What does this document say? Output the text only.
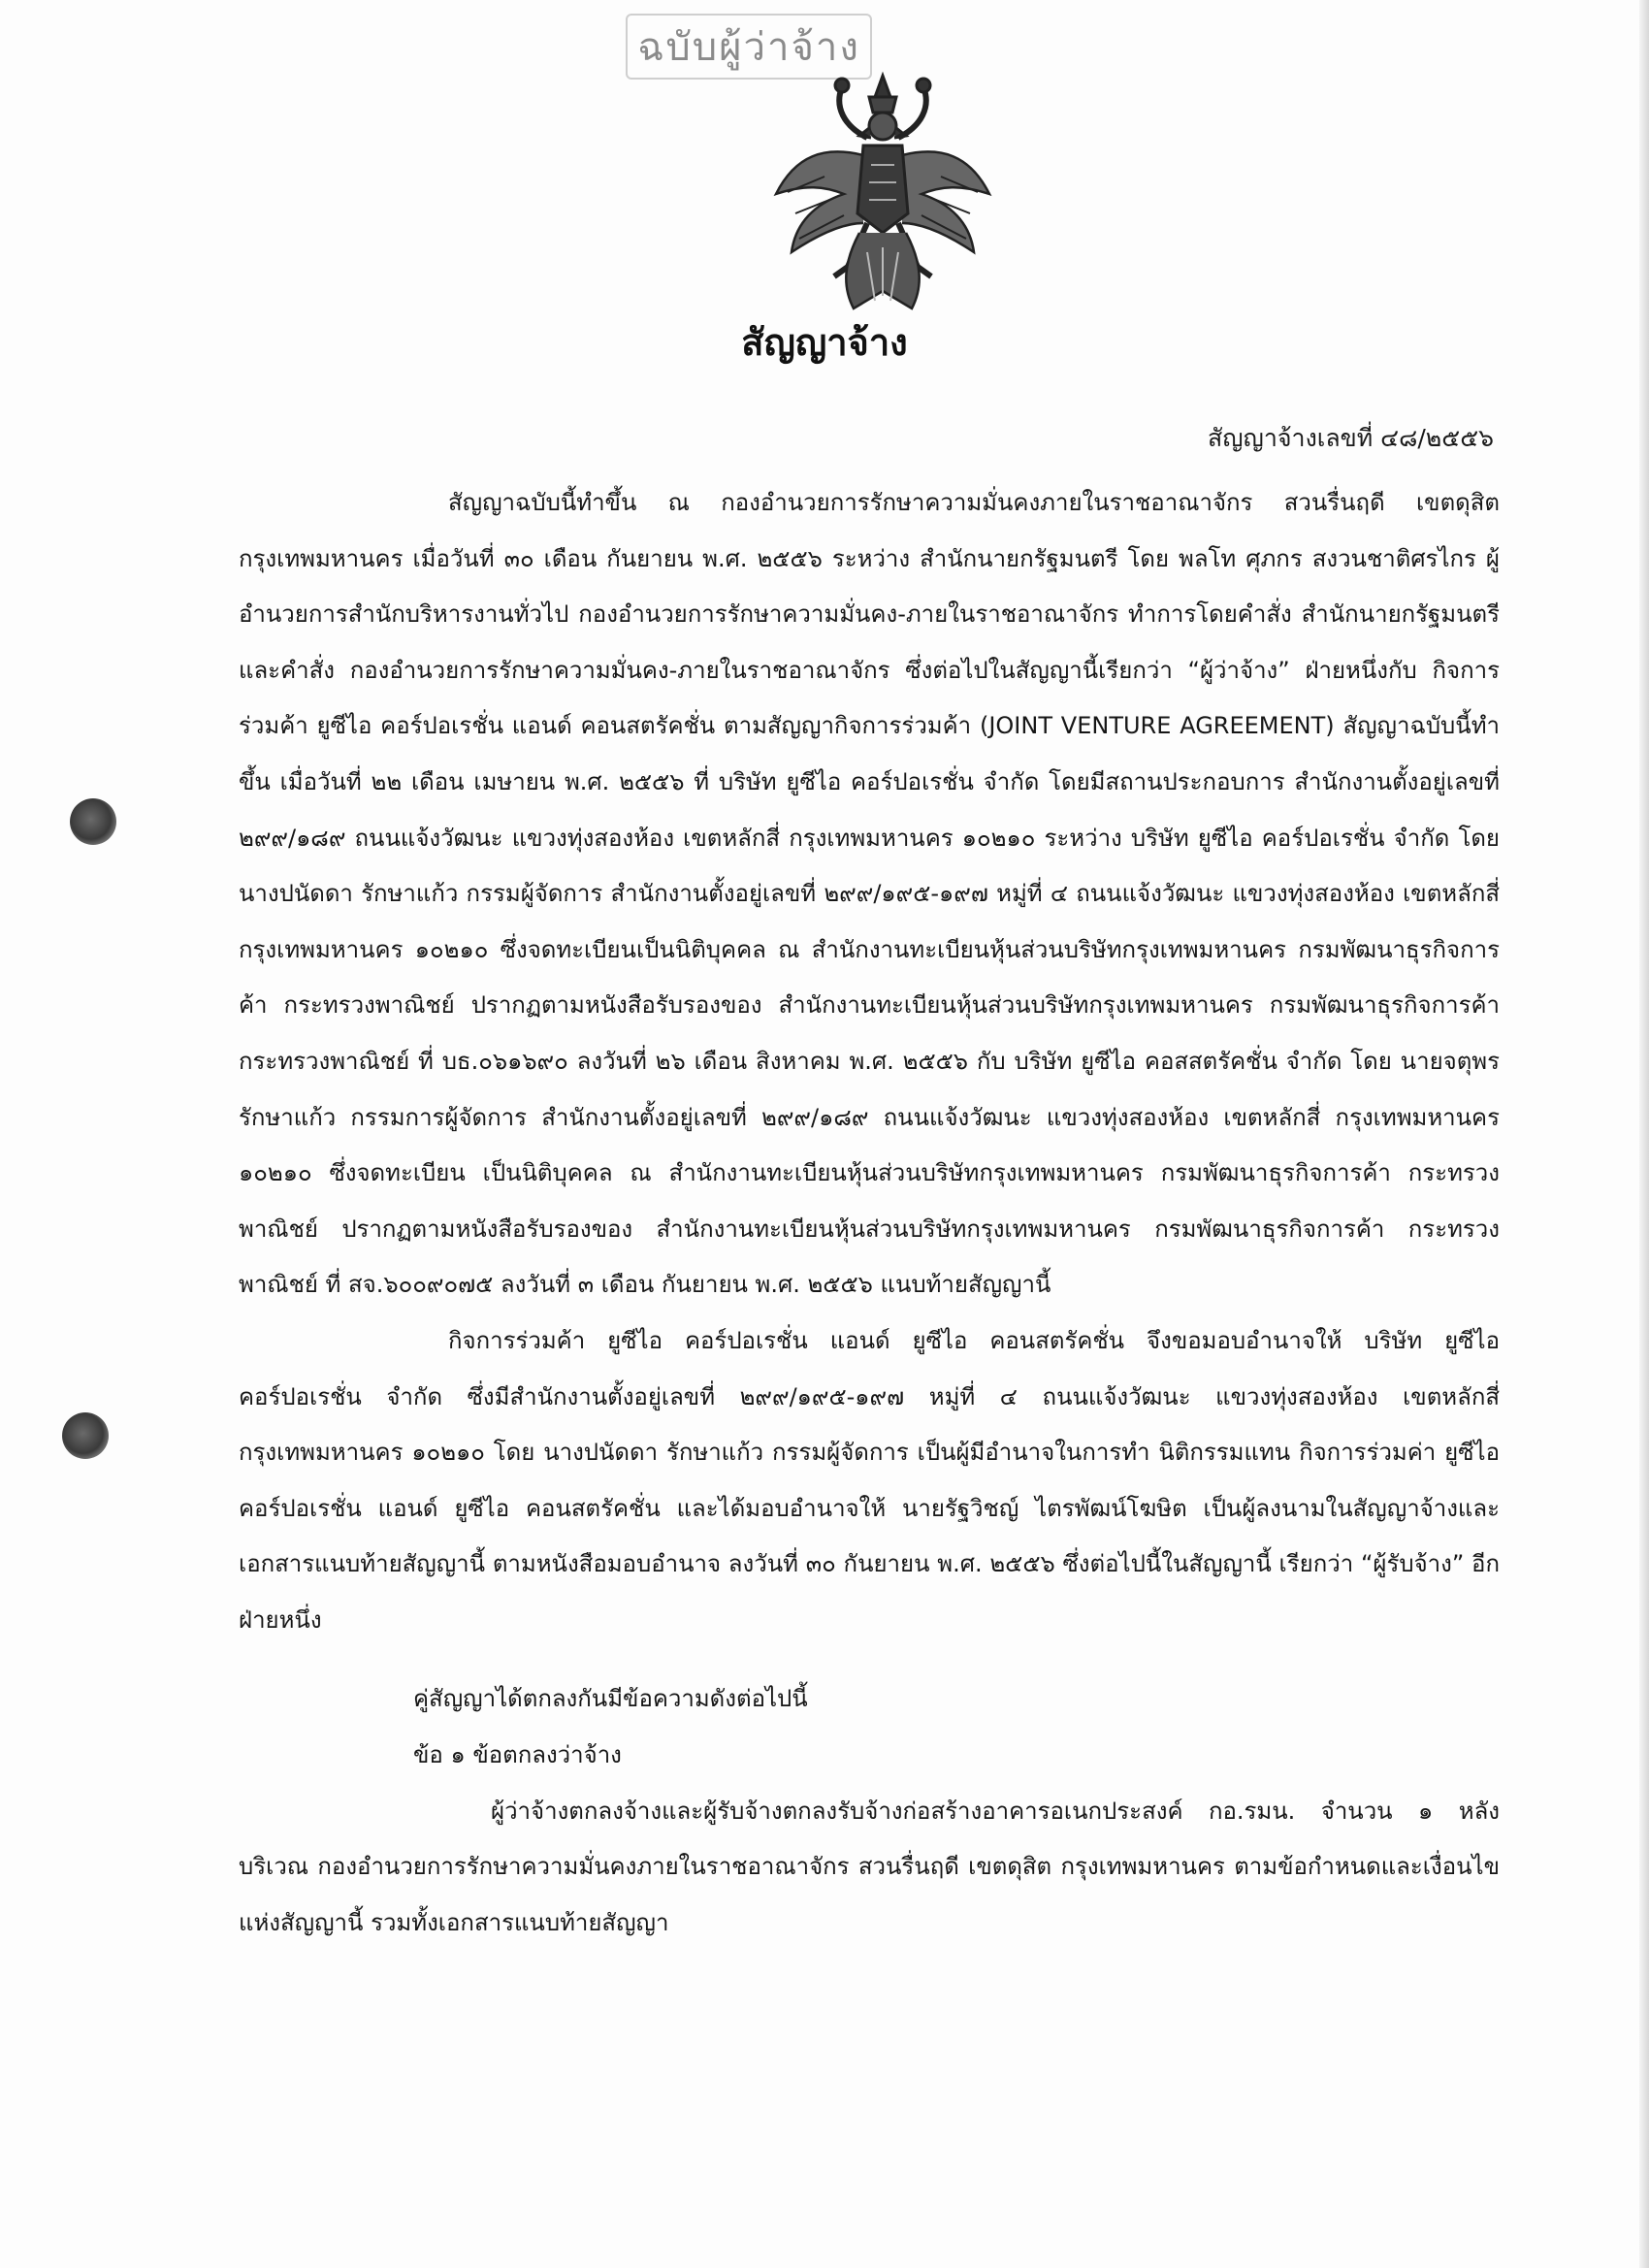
ฉบับผู้ว่าจ้าง
สัญญาจ้าง
สัญญาจ้างเลขที่ ๔๘/๒๕๕๖

สัญญาฉบับนี้ทำขึ้น ณ กองอำนวยการรักษาความมั่นคงภายในราชอาณาจักร สวนรื่นฤดี เขตดุสิต กรุงเทพมหานคร เมื่อวันที่ ๓๐ เดือน กันยายน พ.ศ. ๒๕๕๖ ระหว่าง สำนักนายกรัฐมนตรี โดย พลโท ศุภกร สงวนชาติศรไกร ผู้อำนวยการสำนักบริหารงานทั่วไป กองอำนวยการรักษาความมั่นคง-ภายในราชอาณาจักร ทำการโดยคำสั่ง สำนักนายกรัฐมนตรี และคำสั่ง กองอำนวยการรักษาความมั่นคง-ภายในราชอาณาจักร ซึ่งต่อไปในสัญญานี้เรียกว่า “ผู้ว่าจ้าง” ฝ่ายหนึ่งกับ กิจการร่วมค้า ยูซีไอ คอร์ปอเรชั่น แอนด์ คอนสตรัคชั่น ตามสัญญากิจการร่วมค้า (JOINT VENTURE AGREEMENT) สัญญาฉบับนี้ทำขึ้น เมื่อวันที่ ๒๒ เดือน เมษายน พ.ศ. ๒๕๕๖ ที่ บริษัท ยูซีไอ คอร์ปอเรชั่น จำกัด โดยมีสถานประกอบการ สำนักงานตั้งอยู่เลขที่ ๒๙๙/๑๘๙ ถนนแจ้งวัฒนะ แขวงทุ่งสองห้อง เขตหลักสี่ กรุงเทพมหานคร ๑๐๒๑๐ ระหว่าง บริษัท ยูซีไอ คอร์ปอเรชั่น จำกัด โดย นางปนัดดา รักษาแก้ว กรรมผู้จัดการ สำนักงานตั้งอยู่เลขที่ ๒๙๙/๑๙๕-๑๙๗ หมู่ที่ ๔ ถนนแจ้งวัฒนะ แขวงทุ่งสองห้อง เขตหลักสี่ กรุงเทพมหานคร ๑๐๒๑๐ ซึ่งจดทะเบียนเป็นนิติบุคคล ณ สำนักงานทะเบียนหุ้นส่วนบริษัทกรุงเทพมหานคร กรมพัฒนาธุรกิจการค้า กระทรวงพาณิชย์ ปรากฏตามหนังสือรับรองของ สำนักงานทะเบียนหุ้นส่วนบริษัทกรุงเทพมหานคร กรมพัฒนาธุรกิจการค้า กระทรวงพาณิชย์ ที่ บธ.๐๖๑๖๙๐ ลงวันที่ ๒๖ เดือน สิงหาคม พ.ศ. ๒๕๕๖ กับ บริษัท ยูซีไอ คอสสตรัคชั่น จำกัด โดย นายจตุพร รักษาแก้ว กรรมการผู้จัดการ สำนักงานตั้งอยู่เลขที่ ๒๙๙/๑๘๙ ถนนแจ้งวัฒนะ แขวงทุ่งสองห้อง เขตหลักสี่ กรุงเทพมหานคร ๑๐๒๑๐ ซึ่งจดทะเบียน เป็นนิติบุคคล ณ สำนักงานทะเบียนหุ้นส่วนบริษัทกรุงเทพมหานคร กรมพัฒนาธุรกิจการค้า กระทรวงพาณิชย์ ปรากฏตามหนังสือรับรองของ สำนักงานทะเบียนหุ้นส่วนบริษัทกรุงเทพมหานคร กรมพัฒนาธุรกิจการค้า กระทรวงพาณิชย์ ที่ สจ.๖๐๐๙๐๗๕ ลงวันที่ ๓ เดือน กันยายน พ.ศ. ๒๕๕๖ แนบท้ายสัญญานี้

กิจการร่วมค้า ยูซีไอ คอร์ปอเรชั่น แอนด์ ยูซีไอ คอนสตรัคชั่น จึงขอมอบอำนาจให้ บริษัท ยูซีไอ คอร์ปอเรชั่น จำกัด ซึ่งมีสำนักงานตั้งอยู่เลขที่ ๒๙๙/๑๙๕-๑๙๗ หมู่ที่ ๔ ถนนแจ้งวัฒนะ แขวงทุ่งสองห้อง เขตหลักสี่ กรุงเทพมหานคร ๑๐๒๑๐ โดย นางปนัดดา รักษาแก้ว กรรมผู้จัดการ เป็นผู้มีอำนาจในการทำ นิติกรรมแทน กิจการร่วมค่า ยูซีไอ คอร์ปอเรชั่น แอนด์ ยูซีไอ คอนสตรัคชั่น และได้มอบอำนาจให้ นายรัฐวิชญ์ ไตรพัฒน์โฆษิต เป็นผู้ลงนามในสัญญาจ้างและเอกสารแนบท้ายสัญญานี้ ตามหนังสือมอบอำนาจ ลงวันที่ ๓๐ กันยายน พ.ศ. ๒๕๕๖ ซึ่งต่อไปนี้ในสัญญานี้ เรียกว่า “ผู้รับจ้าง” อีกฝ่ายหนึ่ง

คู่สัญญาได้ตกลงกันมีข้อความดังต่อไปนี้

ข้อ ๑ ข้อตกลงว่าจ้าง

ผู้ว่าจ้างตกลงจ้างและผู้รับจ้างตกลงรับจ้างก่อสร้างอาคารอเนกประสงค์ กอ.รมน. จำนวน ๑ หลัง บริเวณ กองอำนวยการรักษาความมั่นคงภายในราชอาณาจักร สวนรื่นฤดี เขตดุสิต กรุงเทพมหานคร ตามข้อกำหนดและเงื่อนไขแห่งสัญญานี้ รวมทั้งเอกสารแนบท้ายสัญญา
